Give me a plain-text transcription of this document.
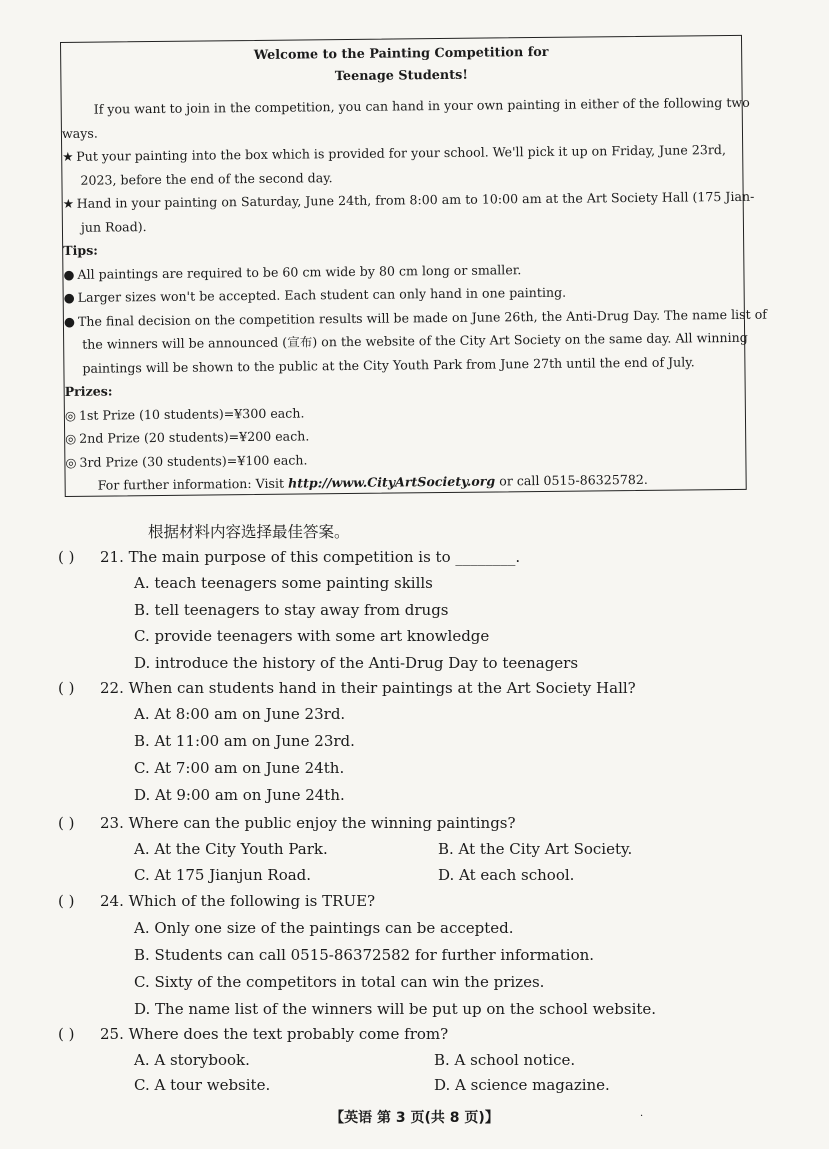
Welcome to the Painting Competition for
Teenage Students!
If you want to join in the competition, you can hand in your own painting in either of the following two
ways.
★ Put your painting into the box which is provided for your school. We'll pick it up on Friday, June 23rd,
2023, before the end of the second day.
★ Hand in your painting on Saturday, June 24th, from 8:00 am to 10:00 am at the Art Society Hall (175 Jian-
jun Road).
Tips:
● All paintings are required to be 60 cm wide by 80 cm long or smaller.
● Larger sizes won't be accepted. Each student can only hand in one painting.
● The final decision on the competition results will be made on June 26th, the Anti-Drug Day. The name list of
the winners will be announced (宣布) on the website of the City Art Society on the same day. All winning
paintings will be shown to the public at the City Youth Park from June 27th until the end of July.
Prizes:
◎ 1st Prize (10 students)=¥300 each.
◎ 2nd Prize (20 students)=¥200 each.
◎ 3rd Prize (30 students)=¥100 each.
For further information: Visit http://www.CityArtSociety.org or call 0515-86325782.
根据材料内容选择最佳答案。
( ) 21. The main purpose of this competition is to ________.
A. teach teenagers some painting skills
B. tell teenagers to stay away from drugs
C. provide teenagers with some art knowledge
D. introduce the history of the Anti-Drug Day to teenagers
( ) 22. When can students hand in their paintings at the Art Society Hall?
A. At 8:00 am on June 23rd.
B. At 11:00 am on June 23rd.
C. At 7:00 am on June 24th.
D. At 9:00 am on June 24th.
( ) 23. Where can the public enjoy the winning paintings?
A. At the City Youth Park.	B. At the City Art Society.
C. At 175 Jianjun Road.	D. At each school.
( ) 24. Which of the following is TRUE?
A. Only one size of the paintings can be accepted.
B. Students can call 0515-86372582 for further information.
C. Sixty of the competitors in total can win the prizes.
D. The name list of the winners will be put up on the school website.
( ) 25. Where does the text probably come from?
A. A storybook.	B. A school notice.
C. A tour website.	D. A science magazine.
【英语 第 3 页(共 8 页)】	·
